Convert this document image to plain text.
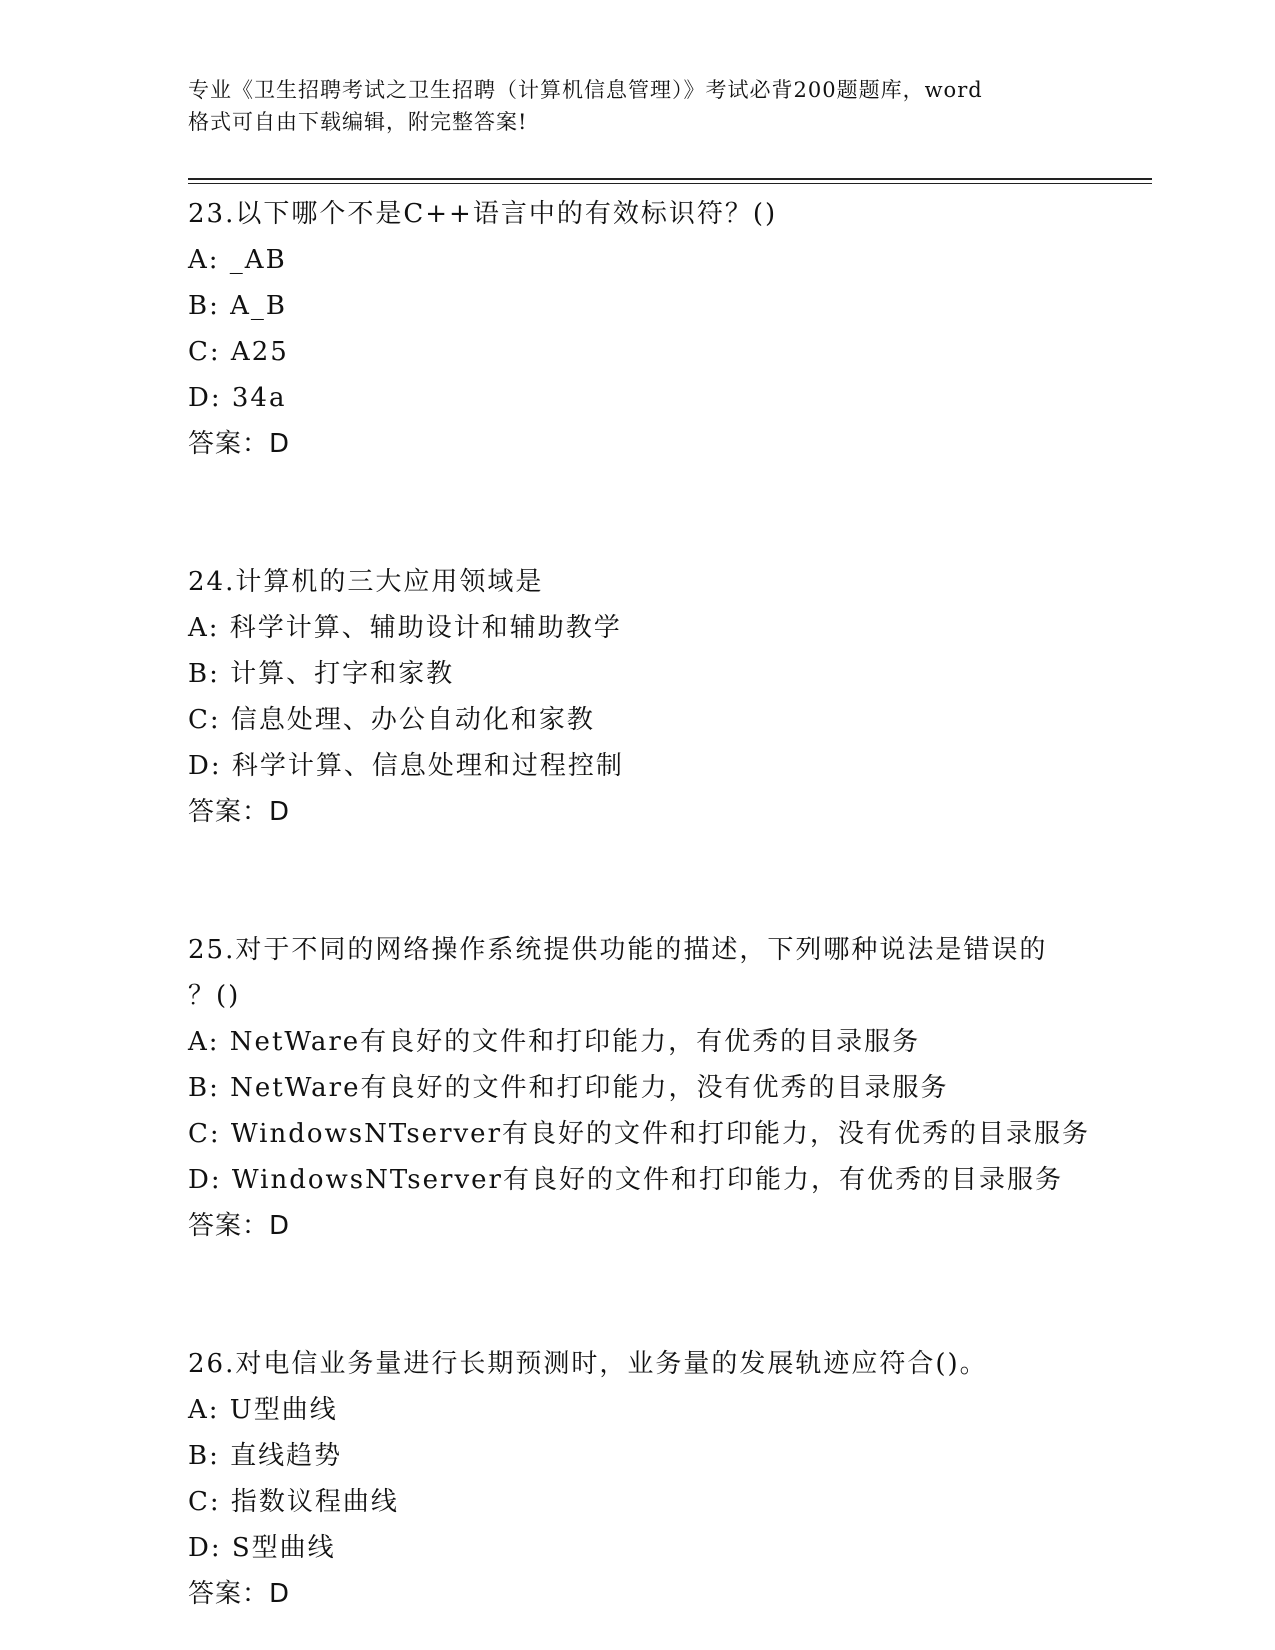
专业《卫生招聘考试之卫生招聘（计算机信息管理）》考试必背200题题库，word
格式可自由下载编辑，附完整答案!
23.以下哪个不是C++语言中的有效标识符？()
A: _AB
B: A_B
C: A25
D: 34a
答案：D
24.计算机的三大应用领域是
A: 科学计算、辅助设计和辅助教学
B: 计算、打字和家教
C: 信息处理、办公自动化和家教
D: 科学计算、信息处理和过程控制
答案：D
25.对于不同的网络操作系统提供功能的描述，下列哪种说法是错误的
？()
A: NetWare有良好的文件和打印能力，有优秀的目录服务
B: NetWare有良好的文件和打印能力，没有优秀的目录服务
C: WindowsNTserver有良好的文件和打印能力，没有优秀的目录服务
D: WindowsNTserver有良好的文件和打印能力，有优秀的目录服务
答案：D
26.对电信业务量进行长期预测时，业务量的发展轨迹应符合()。
A: U型曲线
B: 直线趋势
C: 指数议程曲线
D: S型曲线
答案：D
